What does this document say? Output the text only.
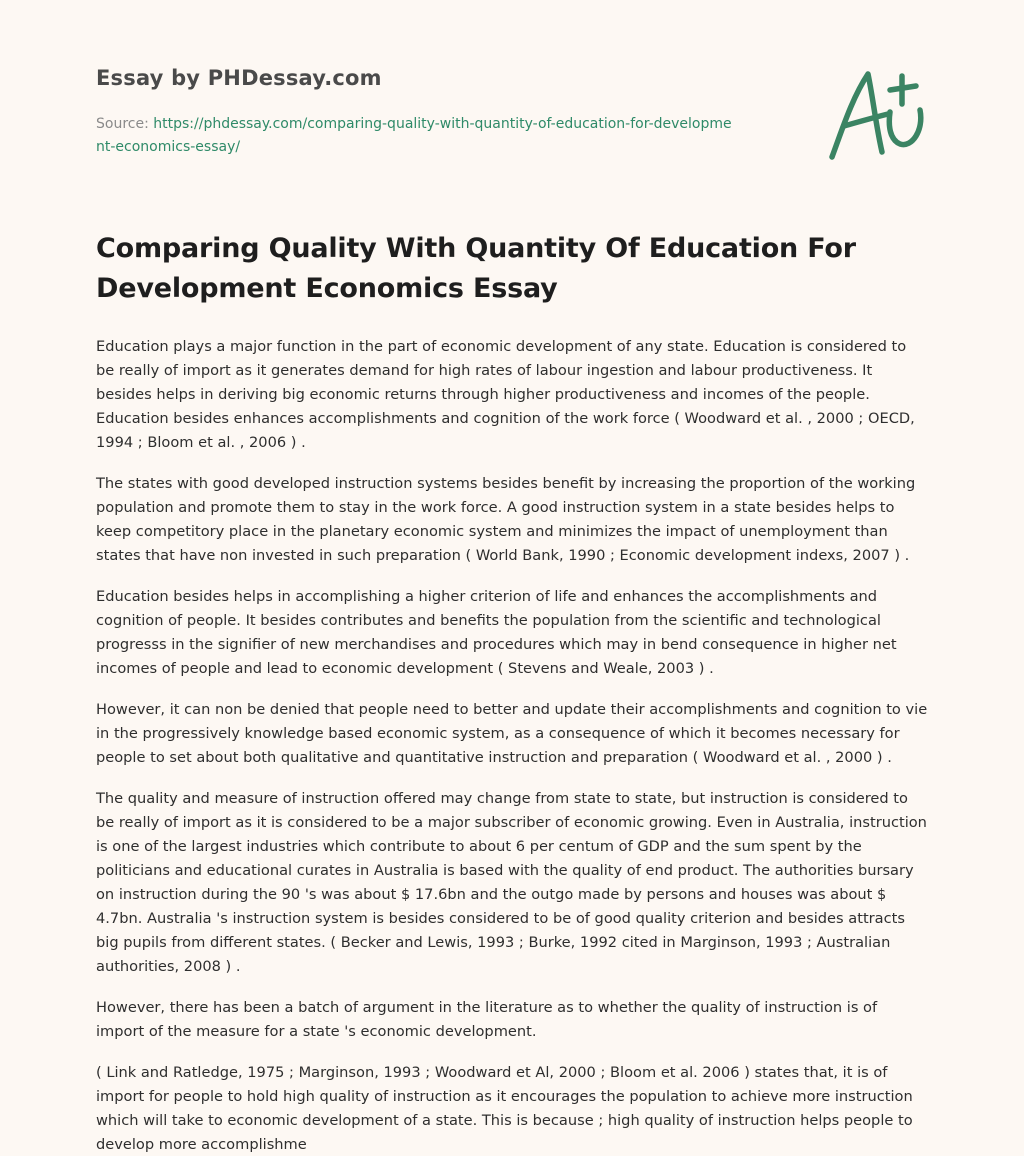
Essay by PHDessay.com
Source: https://phdessay.com/comparing-quality-with-quantity-of-education-for-development-economics-essay/
Comparing Quality With Quantity Of Education For Development Economics Essay

Education plays a major function in the part of economic development of any state. Education is considered to be really of import as it generates demand for high rates of labour ingestion and labour productiveness. It besides helps in deriving big economic returns through higher productiveness and incomes of the people. Education besides enhances accomplishments and cognition of the work force ( Woodward et al. , 2000 ; OECD, 1994 ; Bloom et al. , 2006 ) .

The states with good developed instruction systems besides benefit by increasing the proportion of the working population and promote them to stay in the work force. A good instruction system in a state besides helps to keep competitory place in the planetary economic system and minimizes the impact of unemployment than states that have non invested in such preparation ( World Bank, 1990 ; Economic development indexs, 2007 ) .

Education besides helps in accomplishing a higher criterion of life and enhances the accomplishments and cognition of people. It besides contributes and benefits the population from the scientific and technological progresss in the signifier of new merchandises and procedures which may in bend consequence in higher net incomes of people and lead to economic development ( Stevens and Weale, 2003 ) .

However, it can non be denied that people need to better and update their accomplishments and cognition to vie in the progressively knowledge based economic system, as a consequence of which it becomes necessary for people to set about both qualitative and quantitative instruction and preparation ( Woodward et al. , 2000 ) .

The quality and measure of instruction offered may change from state to state, but instruction is considered to be really of import as it is considered to be a major subscriber of economic growing. Even in Australia, instruction is one of the largest industries which contribute to about 6 per centum of GDP and the sum spent by the politicians and educational curates in Australia is based with the quality of end product. The authorities bursary on instruction during the 90 's was about $ 17.6bn and the outgo made by persons and houses was about $ 4.7bn. Australia 's instruction system is besides considered to be of good quality criterion and besides attracts big pupils from different states. ( Becker and Lewis, 1993 ; Burke, 1992 cited in Marginson, 1993 ; Australian authorities, 2008 ) .

However, there has been a batch of argument in the literature as to whether the quality of instruction is of import of the measure for a state 's economic development.

( Link and Ratledge, 1975 ; Marginson, 1993 ; Woodward et Al, 2000 ; Bloom et al. 2006 ) states that, it is of import for people to hold high quality of instruction as it encourages the population to achieve more instruction which will take to economic development of a state. This is because ; high quality of instruction helps people to develop more accomplishme
